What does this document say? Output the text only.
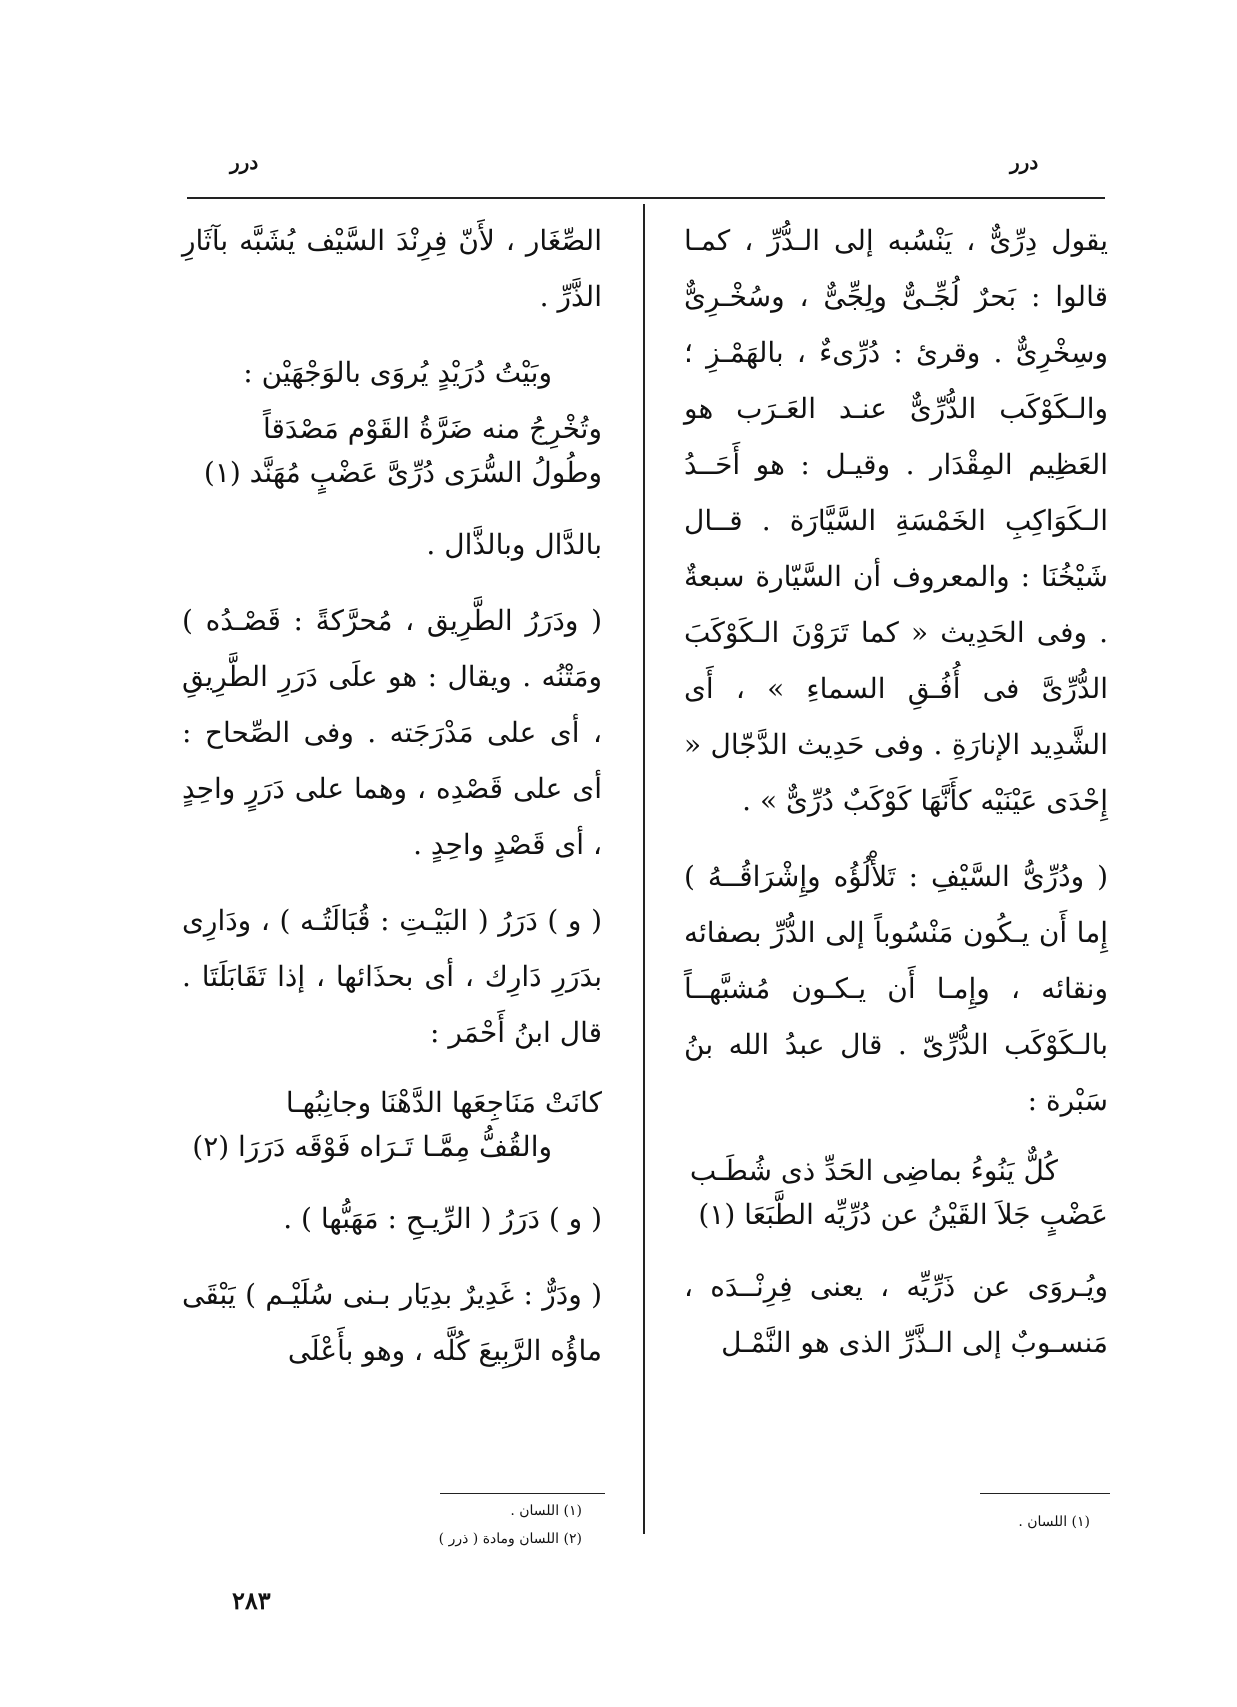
درر
درر

يقول دِرِّىٌّ ، يَنْسُبه إلى الـدُّرِّ ، كمـا قالوا : بَحرٌ لُجِّـىٌّ ولِجِّىٌّ ، وسُخْـرِىٌّ وسِخْرِىٌّ . وقرئ : دُرِّىءٌ ، بالهَمْـزِ ؛ والـكَوْكَب الدُّرِّىٌّ عنـد العَـرَب هو العَظِيم المِقْدَار . وقيـل : هو أَحَــدُ الـكَوَاكِبِ الخَمْسَةِ السَّيَّارَة . قــال شَيْخُنَا : والمعروف أن السَّيّارة سبعةٌ . وفى الحَدِيث « كما تَرَوْنَ الـكَوْكَبَ الدُّرِّىَّ فى أُفُـقِ السماءِ » ، أَى الشَّدِيد الإنارَةِ . وفى حَدِيث الدَّجّال « إِحْدَى عَيْنَيْه كأَنَّهَا كَوْكَبٌ دُرِّىٌّ » .

( ودُرِّىُّ السَّيْفِ : تَلأْلُؤُه وإِشْرَاقُــهُ ) إِما أَن يـكُون مَنْسُوباً إلى الدُّرِّ بصفائه ونقائه ، وإِمـا أَن يـكـون مُشبَّهــاً بالـكَوْكَب الدُّرِّىّ . قال عبدُ الله بنُ سَبْرة :

كُلٌّ يَنُوءُ بماضِى الحَدِّ ذى شُطَـب
عَضْبٍ جَلاَ القَيْنُ عن دُرِّيِّه الطَّبَعَا (١)

ويُـروَى عن ذَرِّيِّه ، يعنى فِرِنْــدَه ، مَنسـوبٌ إلى الـذَّرِّ الذى هو النَّمْـل

الصِّغَار ، لأَنّ فِرِنْدَ السَّيْف يُشَبَّه بآثَارِ الذَّرِّ .

وبَيْتُ دُرَيْدٍ يُروَى بالوَجْهَيْن :

وتُخْرِجُ منه ضَرَّةُ القَوْم مَصْدَقاً
وطُولُ السُّرَى دُرِّىَّ عَضْبٍ مُهَنَّد (١)

بالدَّال وبالذَّال .

( ودَرَرُ الطَّرِيق ، مُحرَّكةً : قَصْـدُه ) ومَتْنُه . ويقال : هو علَى دَرَرِ الطَّرِيقِ ، أى على مَدْرَجَته . وفى الصِّحاح : أى على قَصْدِه ، وهما على دَرَرٍ واحِدٍ ، أى قَصْدٍ واحِدٍ .

( و ) دَرَرُ ( البَيْـتِ : قُبَالَتُـه ) ، ودَارِى بدَرَرِ دَارِك ، أى بحذَائها ، إذا تَقَابَلَتَا . قال ابنُ أَحْمَر :

كانَتْ مَنَاجِعَها الدَّهْنَا وجانِبُهـا
والقُفُّ مِمَّـا تَـرَاه فَوْقَه دَرَرَا (٢)

( و ) دَرَرُ ( الرِّيـحِ : مَهَبُّها ) .

( ودَرٌّ : غَدِيرٌ بدِيَار بـنى سُلَيْـم ) يَبْقَى ماؤُه الرَّبِيعَ كُلَّه ، وهو بأَعْلَى

(١) اللسان .
(١) اللسان .
(٢) اللسان ومادة ( ذرر )
٢٨٣
